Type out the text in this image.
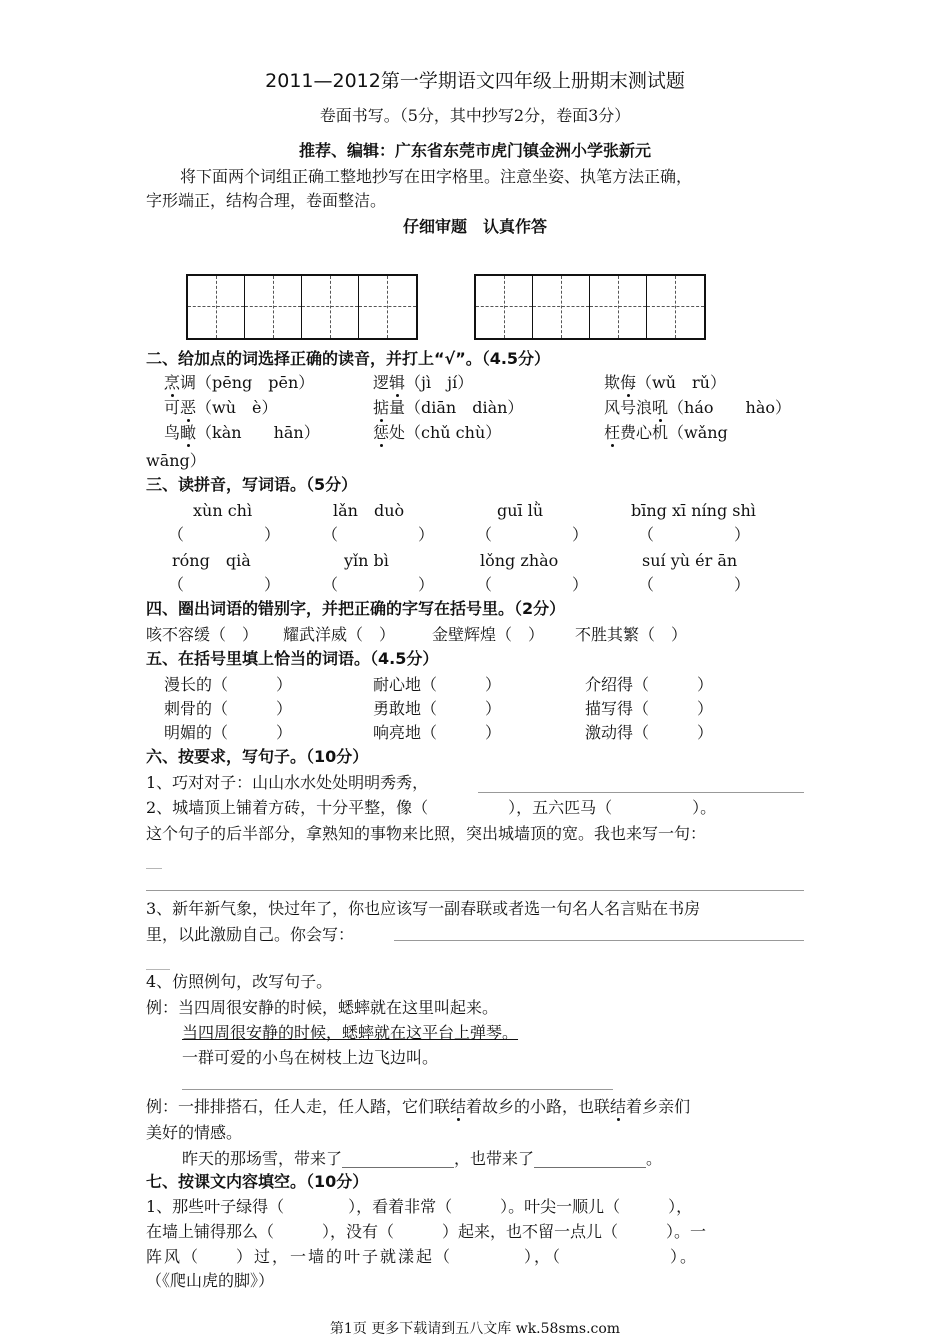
2011—2012第一学期语文四年级上册期末测试题
卷面书写。（5分，其中抄写2分，卷面3分）
推荐、编辑：广东省东莞市虎门镇金洲小学张新元
将下面两个词组正确工整地抄写在田字格里。注意坐姿、执笔方法正确，
字形端正，结构合理，卷面整洁。
仔细审题　认真作答
二、给加点的词选择正确的读音，并打上“√”。（4.5分）
烹调（pēng　pēn）	逻辑（jì　jí）	欺侮（wǔ　rǔ）
可恶（wù　è）	掂量（diān　diàn）	风号浪吼（háo　　hào）
鸟瞰（kàn　　hān）	惩处（chǔ chù）	枉费心机（wǎng
wāng）
三、读拼音，写词语。（5分）
xùn chì	lǎn　duò	guī lǜ	bīng xī níng shì
（　　　　　）	（　　　　　）	（　　　　　）	（　　　　　）
róng　qià	yǐn bì	lǒng zhào	suí yù ér ān
（　　　　　）	（　　　　　）	（　　　　　）	（　　　　　）
四、圈出词语的错别字，并把正确的字写在括号里。（2分）
咳不容缓（　） 耀武洋威（　） 金壁辉煌（　） 不胜其繁（　）
五、在括号里填上恰当的词语。（4.5分）
漫长的（　　　）	耐心地（　　　）	介绍得（　　　）
刺骨的（　　　）	勇敢地（　　　）	描写得（　　　）
明媚的（　　　）	响亮地（　　　）	激动得（　　　）
六、按要求，写句子。（10分）
1、巧对对子：山山水水处处明明秀秀，
2、城墙顶上铺着方砖，十分平整，像（　　　　　），五六匹马（　　　　　）。
这个句子的后半部分，拿熟知的事物来比照，突出城墙顶的宽。我也来写一句：
__
3、新年新气象，快过年了，你也应该写一副春联或者选一句名人名言贴在书房
里，以此激励自己。你会写：
___
4、仿照例句，改写句子。
例：当四周很安静的时候，蟋蟀就在这里叫起来。
当四周很安静的时候，蟋蟀就在这平台上弹琴。
一群可爱的小鸟在树枝上边飞边叫。
例：一排排搭石，任人走，任人踏，它们联结着故乡的小路，也联结着乡亲们
美好的情感。
昨天的那场雪，带来了______________，也带来了______________。
七、按课文内容填空。（10分）
1、那些叶子绿得（　　　　），看着非常（　　　）。叶尖一顺儿（　　　），
在墙上铺得那么（　　　），没有（　　　）起来，也不留一点儿（　　　）。一
阵风（　　）过，一墙的叶子就漾起（　　　　），（　　　　　　）。
（《爬山虎的脚》）
第1页 更多下载请到五八文库 wk.58sms.com
